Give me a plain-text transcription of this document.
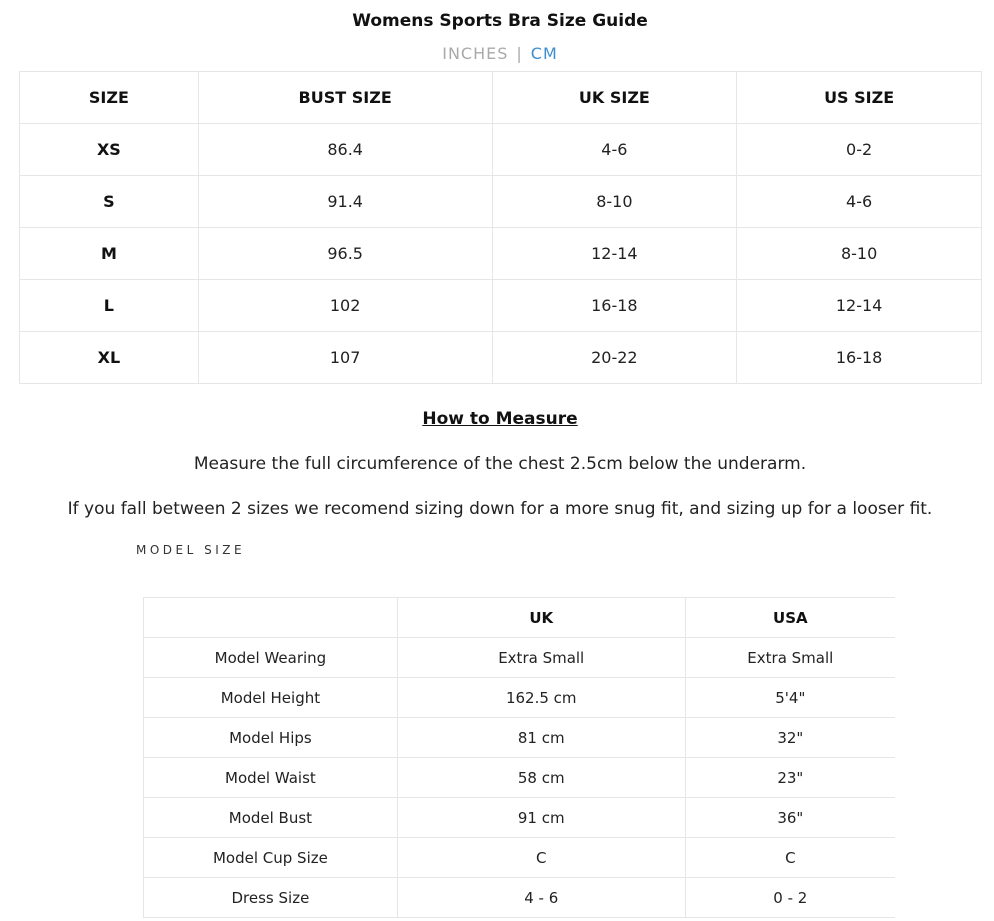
Womens Sports Bra Size Guide
INCHES | CM
SIZE	BUST SIZE	UK SIZE	US SIZE
XS	86.4	4-6	0-2
S	91.4	8-10	4-6
M	96.5	12-14	8-10
L	102	16-18	12-14
XL	107	20-22	16-18
How to Measure
Measure the full circumference of the chest 2.5cm below the underarm.
If you fall between 2 sizes we recomend sizing down for a more snug fit, and sizing up for a looser fit.
MODEL SIZE
	UK	USA
Model Wearing	Extra Small	Extra Small
Model Height	162.5 cm	5'4"
Model Hips	81 cm	32"
Model Waist	58 cm	23"
Model Bust	91 cm	36"
Model Cup Size	C	C
Dress Size	4 - 6	0 - 2
